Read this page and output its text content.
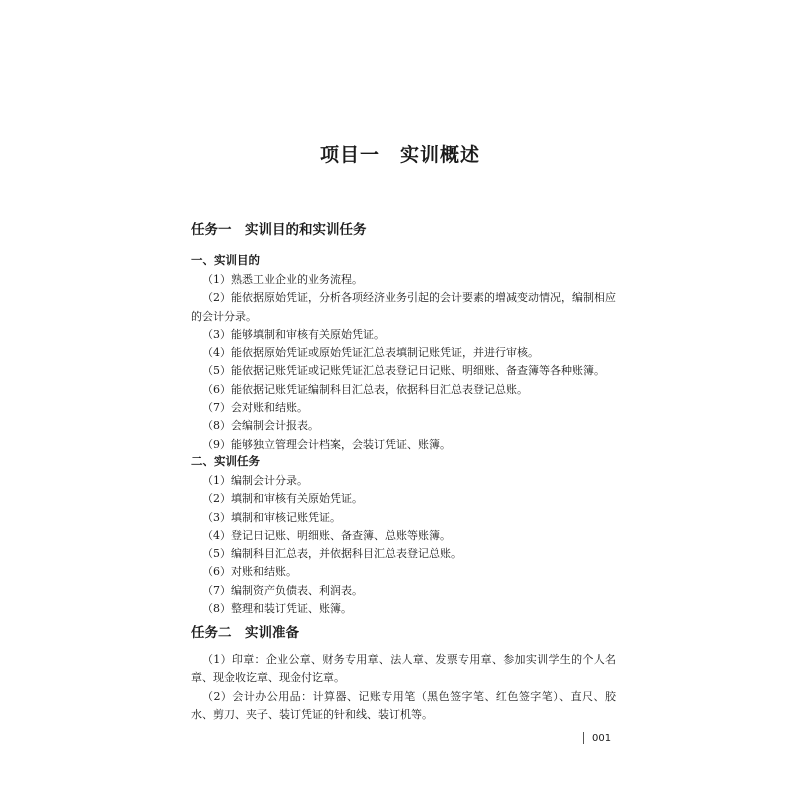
项目一　实训概述
任务一　实训目的和实训任务
一、实训目的

（1）熟悉工业企业的业务流程。

（2）能依据原始凭证，分析各项经济业务引起的会计要素的增减变动情况，编制相应的会计分录。

（3）能够填制和审核有关原始凭证。

（4）能依据原始凭证或原始凭证汇总表填制记账凭证，并进行审核。

（5）能依据记账凭证或记账凭证汇总表登记日记账、明细账、备查簿等各种账簿。

（6）能依据记账凭证编制科目汇总表，依据科目汇总表登记总账。

（7）会对账和结账。

（8）会编制会计报表。

（9）能够独立管理会计档案，会装订凭证、账簿。

二、实训任务

（1）编制会计分录。

（2）填制和审核有关原始凭证。

（3）填制和审核记账凭证。

（4）登记日记账、明细账、备查簿、总账等账簿。

（5）编制科目汇总表，并依据科目汇总表登记总账。

（6）对账和结账。

（7）编制资产负债表、利润表。

（8）整理和装订凭证、账簿。

任务二　实训准备

（1）印章：企业公章、财务专用章、法人章、发票专用章、参加实训学生的个人名章、现金收讫章、现金付讫章。

（2）会计办公用品：计算器、记账专用笔（黑色签字笔、红色签字笔）、直尺、胶水、剪刀、夹子、装订凭证的针和线、装订机等。

001
